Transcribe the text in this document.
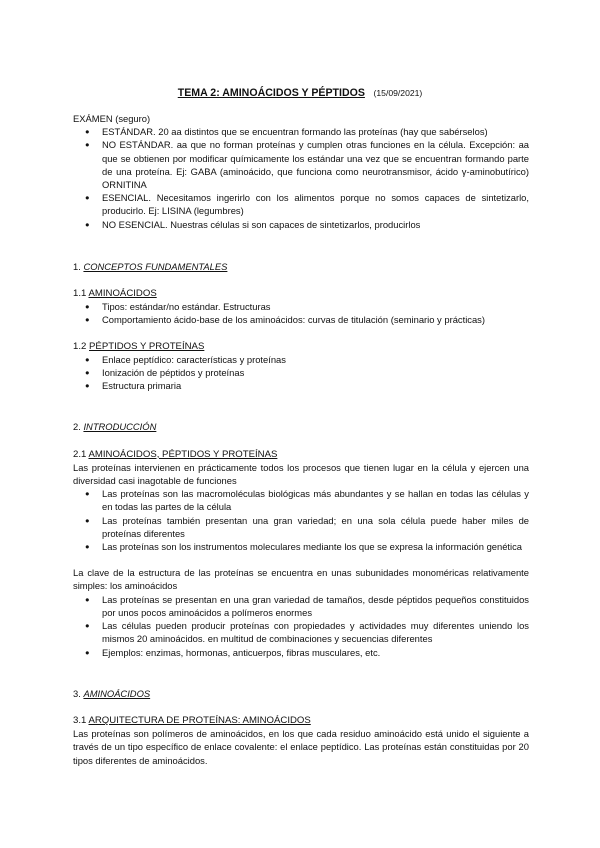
TEMA 2: AMINOÁCIDOS Y PÉPTIDOS (15/09/2021)

EXÁMEN (seguro)

● ESTÁNDAR. 20 aa distintos que se encuentran formando las proteínas (hay que sabérselos)
● NO ESTÁNDAR. aa que no forman proteínas y cumplen otras funciones en la célula. Excepción: aa que se obtienen por modificar químicamente los estándar una vez que se encuentran formando parte de una proteína. Ej: GABA (aminoácido, que funciona como neurotransmisor, ácido γ-aminobutírico) ORNITINA
● ESENCIAL. Necesitamos ingerirlo con los alimentos porque no somos capaces de sintetizarlo, producirlo. Ej: LISINA (legumbres)
● NO ESENCIAL. Nuestras células si son capaces de sintetizarlos, producirlos
1. CONCEPTOS FUNDAMENTALES
1.1 AMINOÁCIDOS
● Tipos: estándar/no estándar. Estructuras
● Comportamiento ácido-base de los aminoácidos: curvas de titulación (seminario y prácticas)
1.2 PÉPTIDOS Y PROTEÍNAS
● Enlace peptídico: características y proteínas
● Ionización de péptidos y proteínas
● Estructura primaria
2. INTRODUCCIÓN
2.1 AMINOÁCIDOS, PÉPTIDOS Y PROTEÍNAS

Las proteínas intervienen en prácticamente todos los procesos que tienen lugar en la célula y ejercen una diversidad casi inagotable de funciones

● Las proteínas son las macromoléculas biológicas más abundantes y se hallan en todas las células y en todas las partes de la célula
● Las proteínas también presentan una gran variedad; en una sola célula puede haber miles de proteínas diferentes
● Las proteínas son los instrumentos moleculares mediante los que se expresa la información genética

La clave de la estructura de las proteínas se encuentra en unas subunidades monoméricas relativamente simples: los aminoácidos

● Las proteínas se presentan en una gran variedad de tamaños, desde péptidos pequeños constituidos por unos pocos aminoácidos a polímeros enormes
● Las células pueden producir proteínas con propiedades y actividades muy diferentes uniendo los mismos 20 aminoácidos. en multitud de combinaciones y secuencias diferentes
● Ejemplos: enzimas, hormonas, anticuerpos, fibras musculares, etc.
3. AMINOÁCIDOS
3.1 ARQUITECTURA DE PROTEÍNAS: AMINOÁCIDOS

Las proteínas son polímeros de aminoácidos, en los que cada residuo aminoácido está unido el siguiente a través de un tipo específico de enlace covalente: el enlace peptídico. Las proteínas están constituidas por 20 tipos diferentes de aminoácidos.
